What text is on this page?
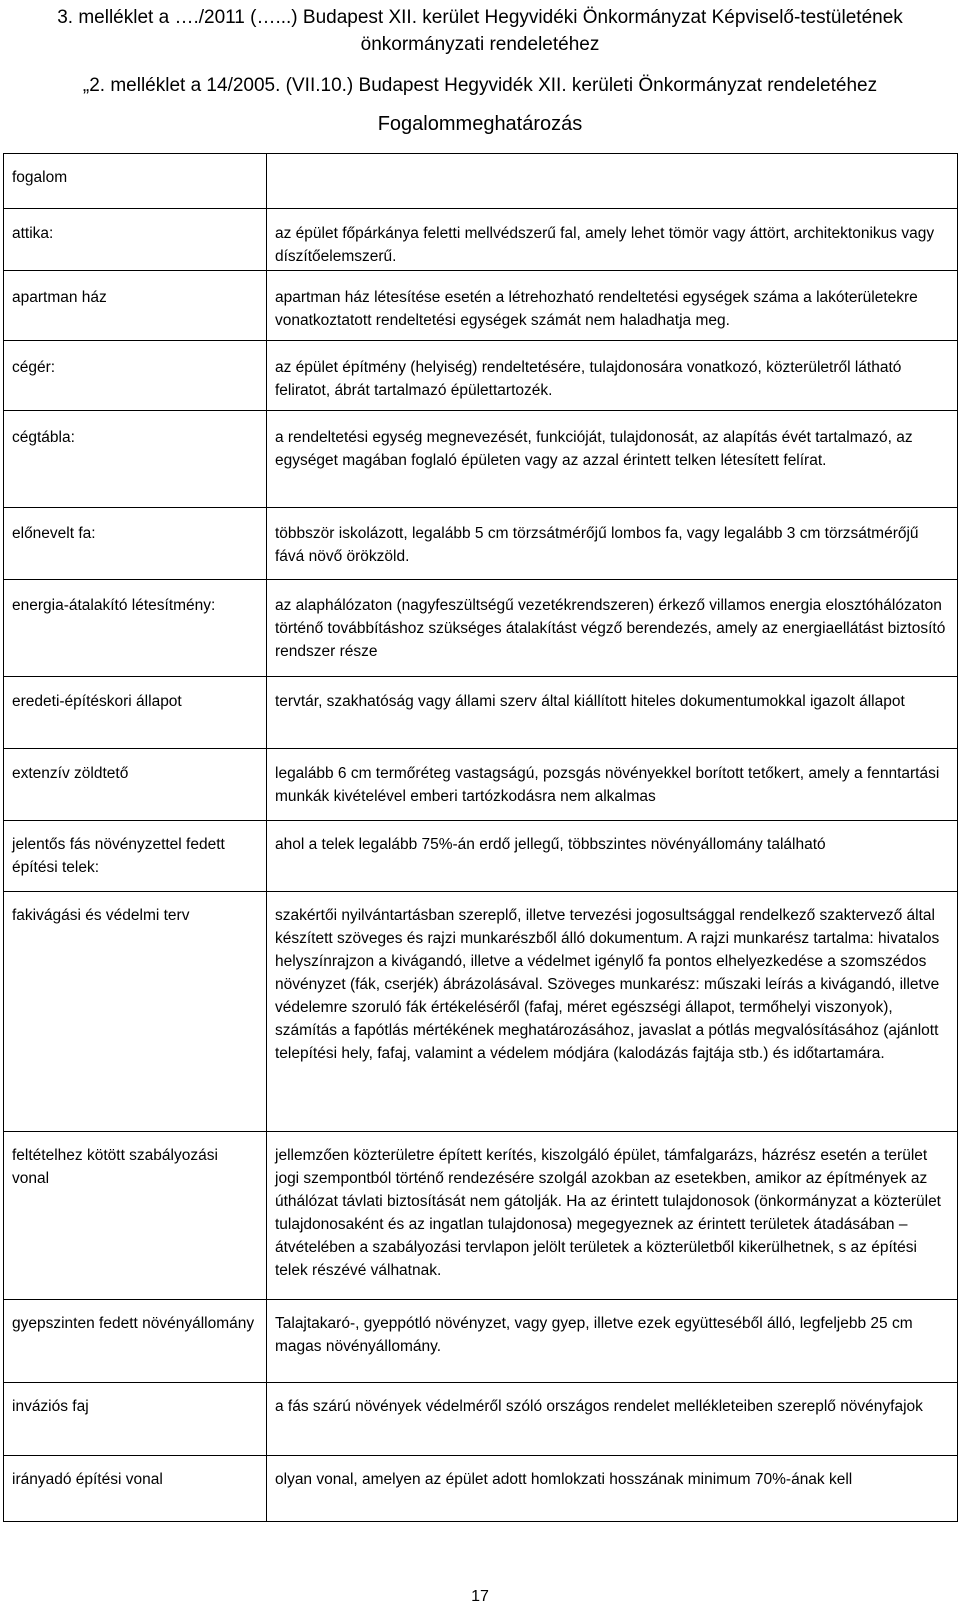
3. melléklet a …./2011 (…...) Budapest XII. kerület Hegyvidéki Önkormányzat Képviselő-testületének
önkormányzati rendeletéhez
„2. melléklet a 14/2005. (VII.10.) Budapest Hegyvidék XII. kerületi Önkormányzat rendeletéhez
Fogalommeghatározás
fogalom	
attika:	az épület főpárkánya feletti mellvédszerű fal, amely lehet tömör vagy áttört, architektonikus vagy díszítőelemszerű.
apartman ház	apartman ház létesítése esetén a létrehozható rendeltetési egységek száma a lakóterületekre vonatkoztatott rendeltetési egységek számát nem haladhatja meg.
cégér:	az épület építmény (helyiség) rendeltetésére, tulajdonosára vonatkozó, közterületről látható feliratot, ábrát tartalmazó épülettartozék.
cégtábla:	a rendeltetési egység megnevezését, funkcióját, tulajdonosát, az alapítás évét tartalmazó, az egységet magában foglaló épületen vagy az azzal érintett telken létesített felírat.
előnevelt fa:	többször iskolázott, legalább 5 cm törzsátmérőjű lombos fa, vagy legalább 3 cm törzsátmérőjű fává növő örökzöld.
energia-átalakító létesítmény:	az alaphálózaton (nagyfeszültségű vezetékrendszeren) érkező villamos energia elosztóhálózaton történő továbbításhoz szükséges átalakítást végző berendezés, amely az energiaellátást biztosító rendszer része
eredeti-építéskori állapot	tervtár, szakhatóság vagy állami szerv által kiállított hiteles dokumentumokkal igazolt állapot
extenzív zöldtető	legalább 6 cm termőréteg vastagságú, pozsgás növényekkel borított tetőkert, amely a fenntartási munkák kivételével emberi tartózkodásra nem alkalmas
jelentős fás növényzettel fedett építési telek:	ahol a telek legalább 75%-án erdő jellegű, többszintes növényállomány található
fakivágási és védelmi terv	szakértői nyilvántartásban szereplő, illetve tervezési jogosultsággal rendelkező szaktervező által készített szöveges és rajzi munkarészből álló dokumentum. A rajzi munkarész tartalma: hivatalos helyszínrajzon a kivágandó, illetve a védelmet igénylő fa pontos elhelyezkedése a szomszédos növényzet (fák, cserjék) ábrázolásával. Szöveges munkarész: műszaki leírás a kivágandó, illetve védelemre szoruló fák értékeléséről (fafaj, méret egészségi állapot, termőhelyi viszonyok), számítás a fapótlás mértékének meghatározásához, javaslat a pótlás megvalósításához (ajánlott telepítési hely, fafaj, valamint a védelem módjára (kalodázás fajtája stb.) és időtartamára.
feltételhez kötött szabályozási vonal	jellemzően közterületre épített kerítés, kiszolgáló épület, támfalgarázs, házrész esetén a terület jogi szempontból történő rendezésére szolgál azokban az esetekben, amikor az építmények az úthálózat távlati biztosítását nem gátolják. Ha az érintett tulajdonosok (önkormányzat a közterület tulajdonosaként és az ingatlan tulajdonosa) megegyeznek az érintett területek átadásában – átvételében a szabályozási tervlapon jelölt területek a közterületből kikerülhetnek, s az építési telek részévé válhatnak.
gyepszinten fedett növényállomány	Talajtakaró-, gyeppótló növényzet, vagy gyep, illetve ezek együtteséből álló, legfeljebb 25 cm magas növényállomány.
inváziós faj	a fás szárú növények védelméről szóló országos rendelet mellékleteiben szereplő növényfajok
irányadó építési vonal	olyan vonal, amelyen az épület adott homlokzati hosszának minimum 70%-ának kell
17
